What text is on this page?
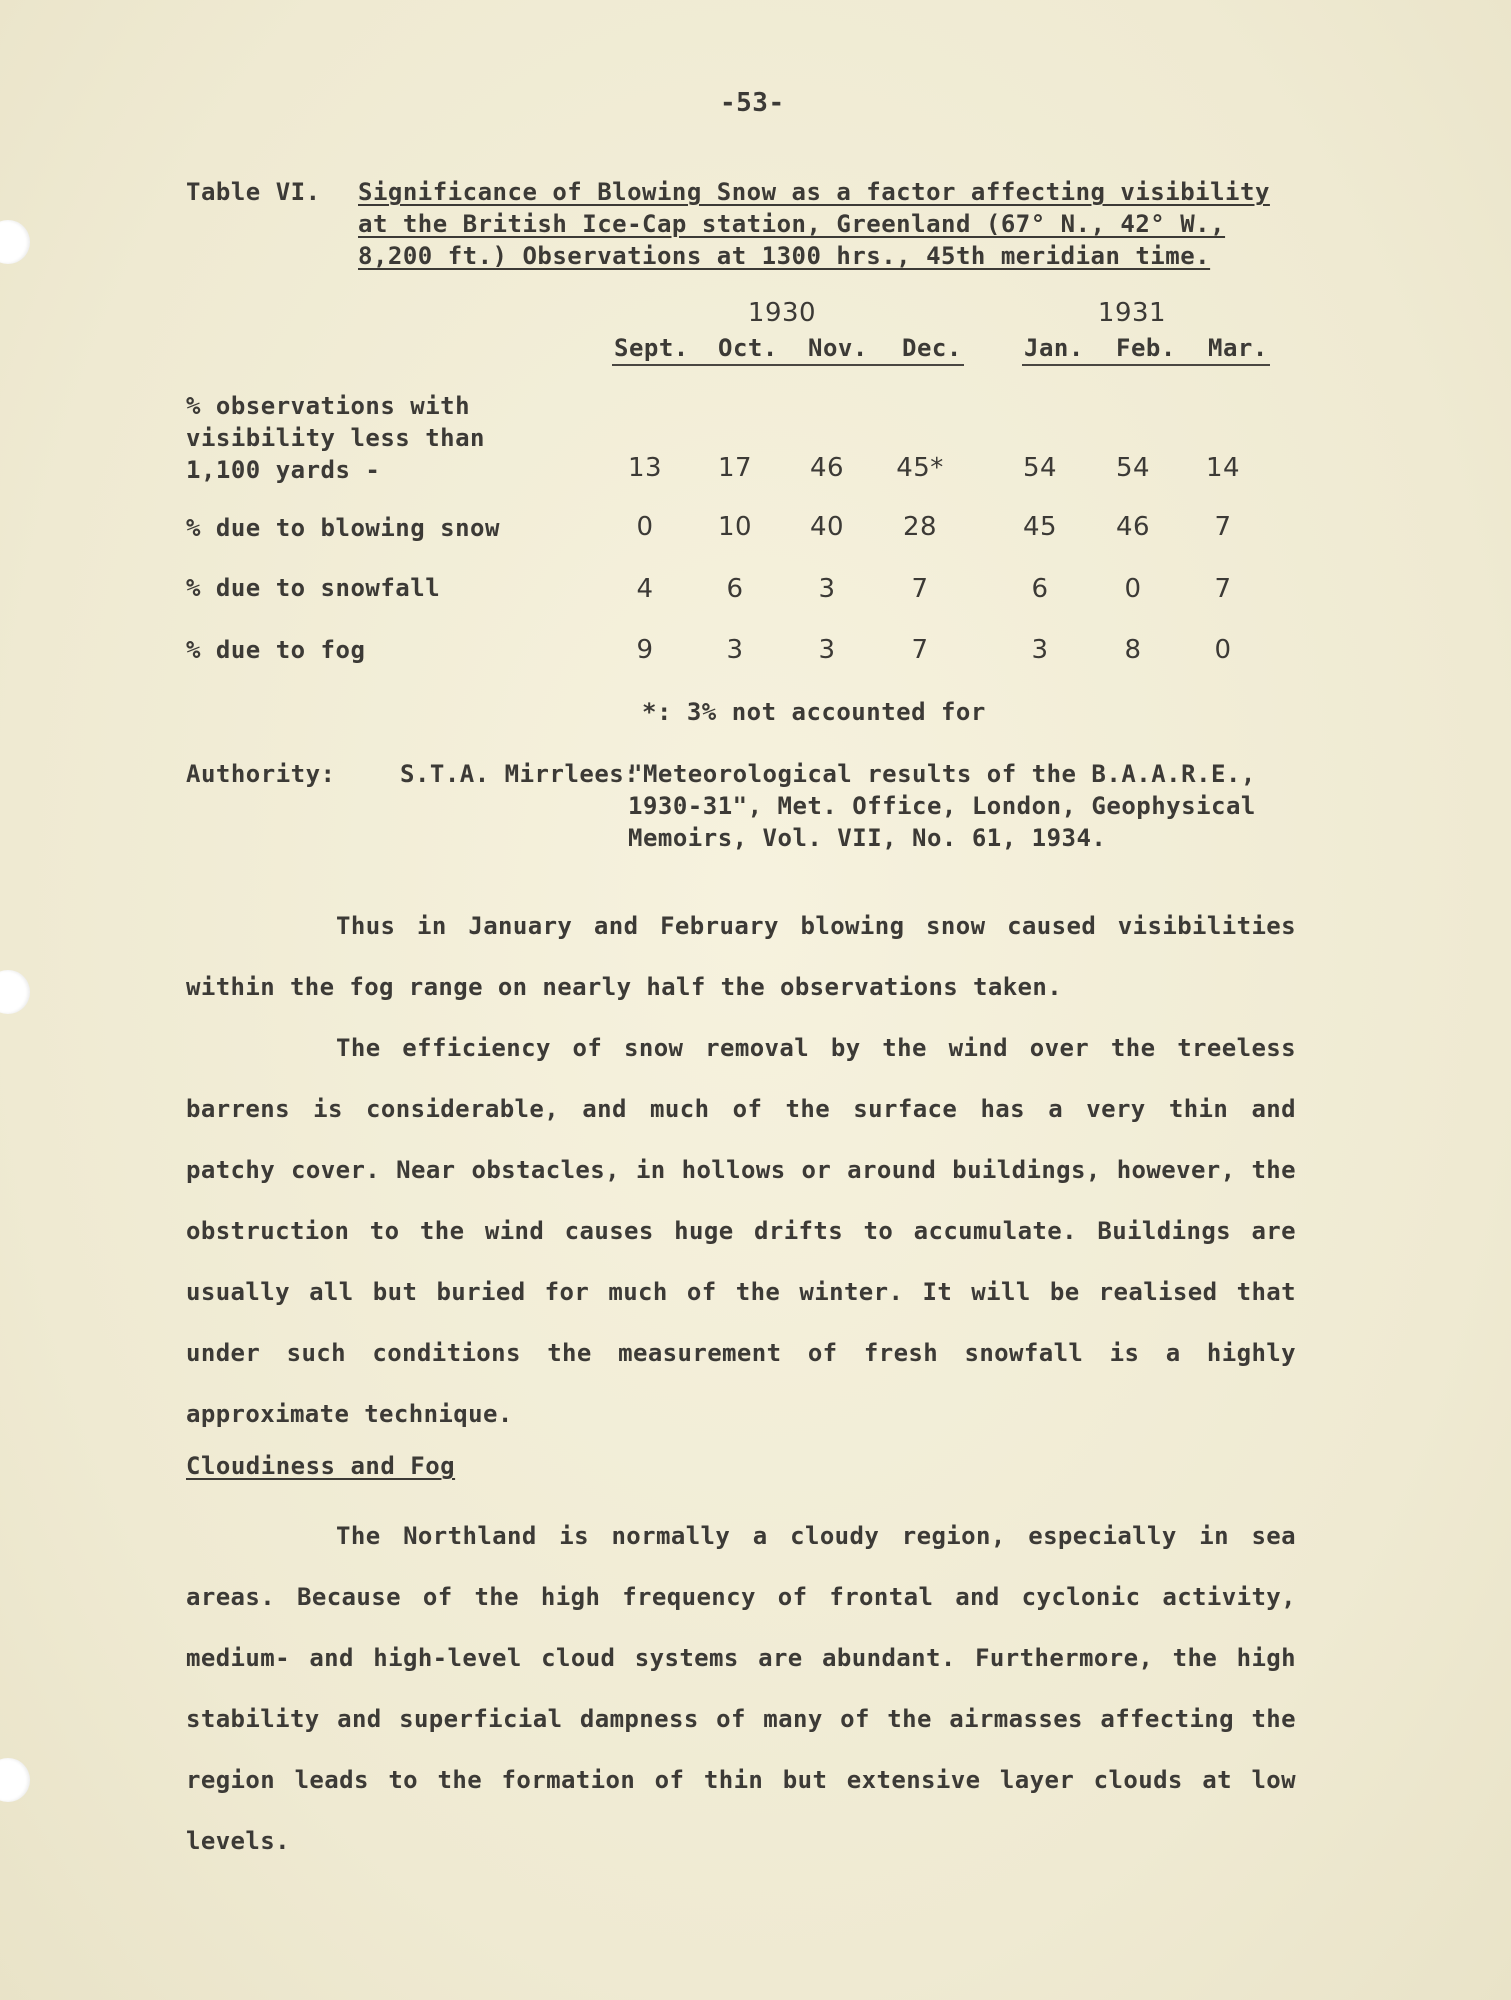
-53-
Table VI. Significance of Blowing Snow as a factor affecting visibility
at the British Ice-Cap station, Greenland (67° N., 42° W.,
8,200 ft.) Observations at 1300 hrs., 45th meridian time.
1930	1931
Sept. Oct. Nov. Dec.	Jan. Feb. Mar.
% observations with
visibility less than
1,100 yards -	13	17	46	45*	54	54	14
% due to blowing snow	0	10	40	28	45	46	7
% due to snowfall	4	6	3	7	6	0	7
% due to fog	9	3	3	7	3	8	0
*: 3% not accounted for
Authority:	S.T.A. Mirrlees:
"Meteorological results of the B.A.A.R.E.,
1930-31", Met. Office, London, Geophysical
Memoirs, Vol. VII, No. 61, 1934.

Thus in January and February blowing snow caused visibilities within the fog range on nearly half the observations taken.

The efficiency of snow removal by the wind over the treeless barrens is considerable, and much of the surface has a very thin and patchy cover. Near obstacles, in hollows or around buildings, however, the obstruction to the wind causes huge drifts to accumulate. Buildings are usually all but buried for much of the winter. It will be realised that under such conditions the measurement of fresh snowfall is a highly approximate technique.

Cloudiness and Fog

The Northland is normally a cloudy region, especially in sea areas. Because of the high frequency of frontal and cyclonic activity, medium- and high-level cloud systems are abundant. Furthermore, the high stability and superficial dampness of many of the airmasses affecting the region leads to the formation of thin but extensive layer clouds at low levels.
